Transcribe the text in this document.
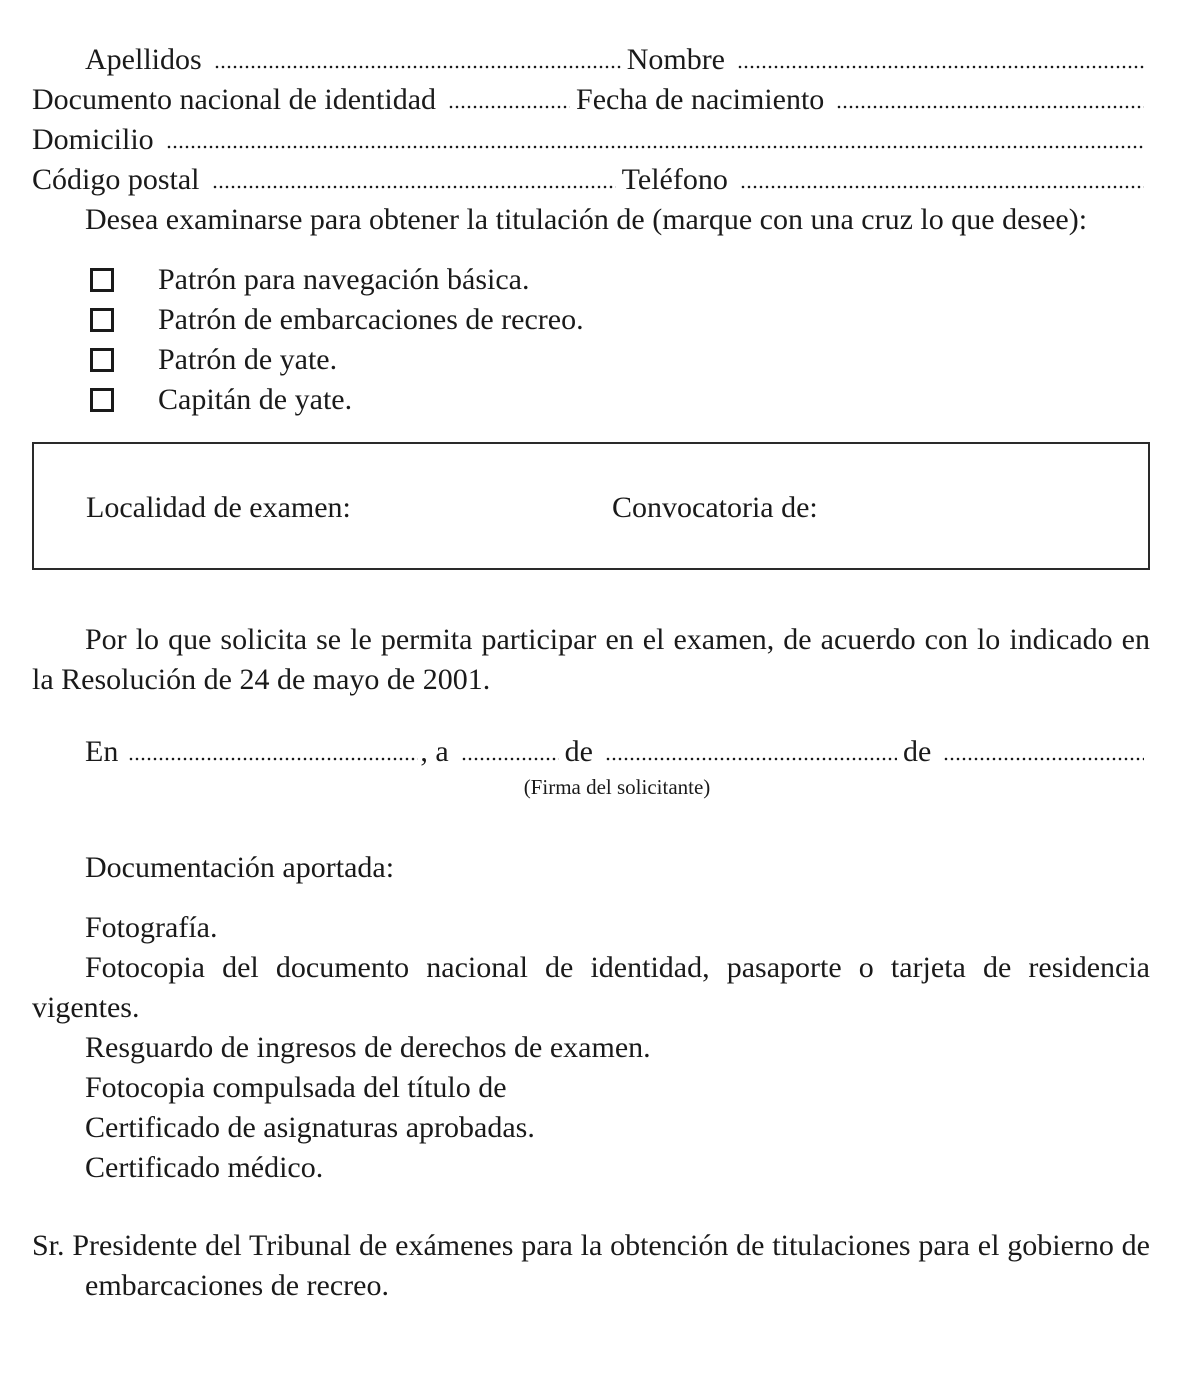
Apellidos	Nombre
Documento nacional de identidad	Fecha de nacimiento
Domicilio
Código postal	Teléfono

Desea examinarse para obtener la titulación de (marque con una cruz lo que desee):

Patrón para navegación básica.
Patrón de embarcaciones de recreo.
Patrón de yate.
Capitán de yate.
Localidad de examen:	Convocatoria de:

Por lo que solicita se le permita participar en el examen, de acuerdo con lo indicado en la Resolución de 24 de mayo de 2001.

En	, a	de	de
(Firma del solicitante)
Documentación aportada:
Fotografía.

Fotocopia del documento nacional de identidad, pasaporte o tarjeta de residencia vigentes.

Resguardo de ingresos de derechos de examen.
Fotocopia compulsada del título de
Certificado de asignaturas aprobadas.
Certificado médico.

Sr. Presidente del Tribunal de exámenes para la obtención de titulaciones para el gobierno de embarcaciones de recreo.
